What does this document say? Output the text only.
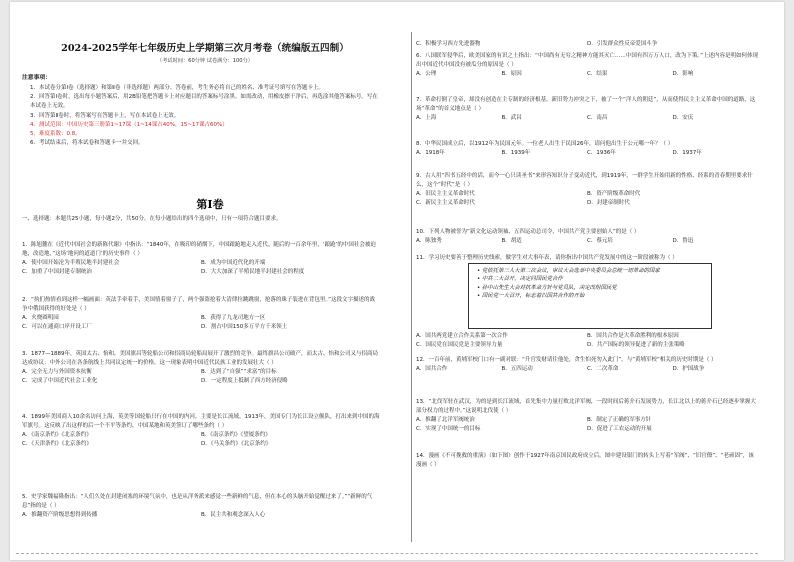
2024-2025学年七年级历史上学期第三次月考卷（统编版五四制）
（考试时间：60分钟 试卷满分：100分）
注意事项：
1．本试卷分第Ⅰ卷（选择题）和第Ⅱ卷（非选择题）两部分。答卷前，考生务必将自己的姓名、准考证号填写在答题卡上。
2．回答第Ⅰ卷时，选出每小题答案后，用2B铅笔把答题卡上对应题目的答案标号涂黑。如需改动，用橡皮擦干净后，再选涂其他答案标号。写在本试卷上无效。
3．回答第Ⅱ卷时，将答案写在答题卡上，写在本试卷上无效。
4．测试范围：中国历史第三册第1~17课（1~14课占40%，15~17课占60%）
5．难度系数：0.8。
6．考试结束后，将本试卷和答题卡一并交回。
第Ⅰ卷
一、选择题：本题共25小题，每小题2分，共50分。在每小题给出的四个选项中，只有一项符合题目要求。
1．陈旭麓在《近代中国社会的新陈代谢》中指出：“1840年，在吸印的硝烟下，中国踉跄地走入近代。随后的一百余年里，‘踉跄’的中国社会被迫地，改造地，”这场‘地问的道道门’的历史事件（ ）
A．使中国开始沦为半殖民地半封建社会	B．成为中国近代化的开端
C．加重了中国封建专制统治	D．大大加深了半殖民地半封建社会的程度
2．“执们热情看到这样一幅画面：英法手牵着手，美国情着窗子了，两个强盗抢着大清律拉跳跳窗，抢落的珠子装进在背包里。”这段文字描述的战争中俄国获得的好处是（ ）
A．火烧圆明园	B．获得了九龙司地方一区
C．可以在通商口岸开设工厂	D．割占中国150多万平方千米领土
3．1877—1889年，英国太古、怡和，美国旗昌等轮船公司和招商局轮船局展开了激烈的竞争。最终旗昌公司破产，而太古、怡和公司又与招商局达成协议：中外公司在各条航线上共同议定统一的价格。这一现象表明中国近代民族工业的发展壮大（ ）
A．完全无力与外国资本抗衡	B．达到了“自强”“求富”的目标
C．完成了中国近代社会工业化	D．一定程度上抵制了西方经济侵略
4．1899年美国商人10余名访问上海，英美等国轮船只行在中国的内河，主要是长江流域。1913年，美国专门为长江设立舰队，打出来到中国的海军旗号。这反映了出这样的后一个不平等条约，中国某地和英美签订了哪些条约（ ）
A．《南京条约》《北京条约》	B．《南京条约》《望厦条约》
C．《天津条约》《北京条约》	D．《马关条约》《北京条约》
5．史学家魏福隆指出：“人们久处在封建闭塞的环境气氛中，也是从洋务派来感觉一些新鲜的气息，但在本心的头脑开始觉醒过来了。”“新鲜的气息”指的是（ ）
A．推翻资产阶级思想得到传播	B．民主共和观念深入人心
C．积极学习西方先进器物	D．引发群众性反帝爱国斗争
6．八国联军侵华后，欧美国家的有识之士指出：“中国尚有无穷之精神方能其灭亡……中国有四万万人口，改为下策。”上述内容是明如何体现出中国近代中国没有被瓜分的原因是（ ）
A．公理	B．原因	C．结果	D．影响
7．革命打倒了皇帝，却没有创造在主专制的经济根基。新旧势力冲突之下，被了一个“洋人的朝廷”，从而使得民主主义革命中国的道路，这场“革命”的首义地点是（ ）
A．上海	B．武昌	C．南昌	D．安庆
8．中华民国成立后，以1912年为民国元年。一位老人出生于民国26年，请问他出生于公元哪一年？（ ）
A．1918年	B．1939年	C．1936年	D．1937年
9．古人用“四书五经中的话，而今一心只读圣书”来形容知识分子变动近代，到1919年，一群学生开始用新的性格、经系的青春期里要求什么，这个“时代”是（ ）
A．旧民主主义革命时代	B．资产阶级革命时代
C．新民主主义革命时代	D．封建帝制时代
10．下列人物被誉为“新文化运动领袖、五四运动总司令，中国共产党主要创始人”的是（ ）
A．陈独秀	B．胡适	C．蔡元培	D．鲁迅
11．学习历史要善于整理历史线索，做学生对大事年表，请你指出中国共产党发展中的这一阶段被称为（ ）
• 党依托第三人大第二次会议，审议大会选举中央委员会总统一切革命的国家
• 中共二大召开，决定同国民党合作
• 孙中山先生大会对抗革命方针与党员队，决定改组国民党
• 国民党一大召开，标志着以国共合作的开始
A．国共两党建立合作关系第一次合作	B．国共合作是大革命胜利的根本原因
C．国民党在国民党是主要领导力量	D．共产国际的领导促进了新的主张策略
12．一百年前，黄埔军校门口有一副对联：“升官发财请往他处，贪生怕死勿入此门”。与“黄埔军校”相关的历史时期是（ ）
A．国共合作	B．五四运动	C．二次革命	D．护国战争
13．“北伐军驻在武汉，为的是到长江流域，首先集中力量打败北洋军阀，一段时间后蒋介石发展势力，长江北以上的蒋介石已经逐步掌握大部分权力的过程中。”这说明北伐使（ ）
A．推翻了北洋军阀统治	B．制定了正确的军事方针
C．实现了中国统一的目标	D．促进了工农运动的开展
14．漫画《不可挽救的重演》（如下图）创作于1927年南京国民政府成立后。图中建设银门的转头上写着“军阀”、“旧官僚”、“老顽固”，该漫画（ ）
